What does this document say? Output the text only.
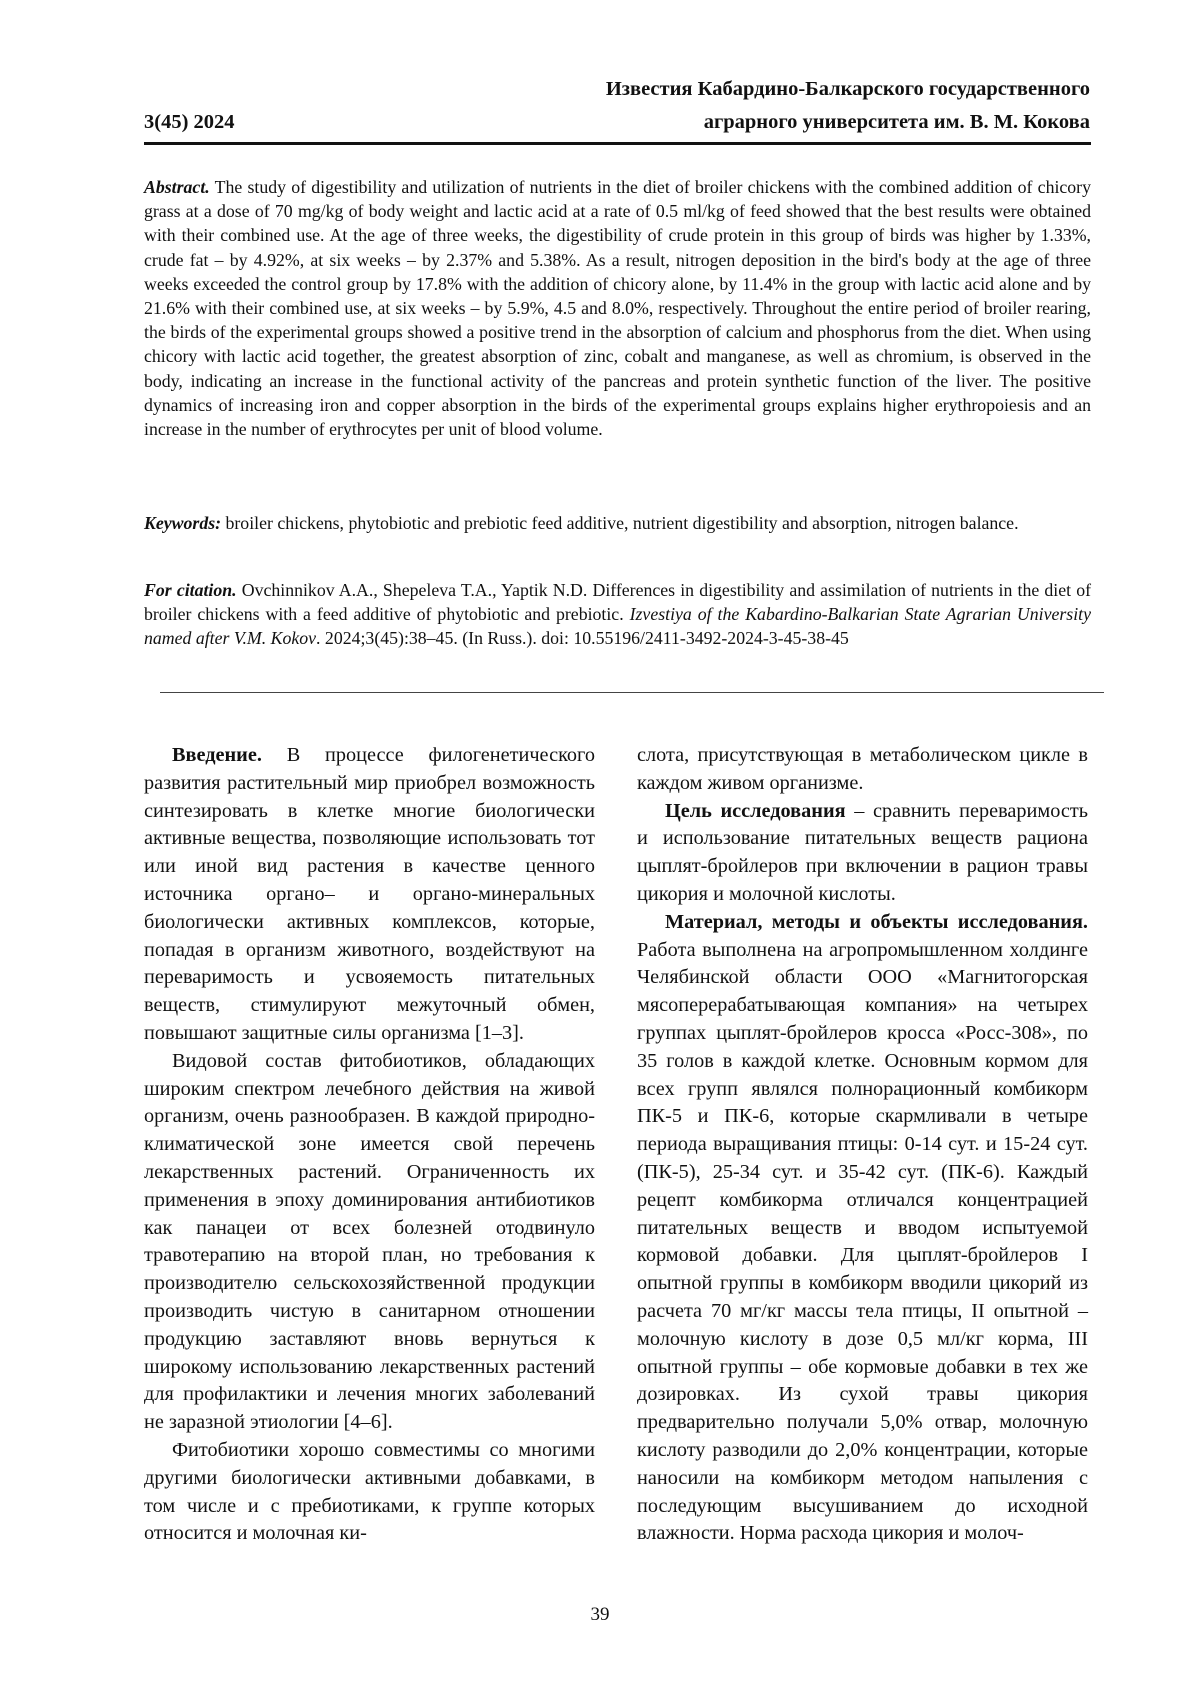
Известия Кабардино-Балкарского государственного
аграрного университета им. В. М. Кокова
3(45) 2024
Abstract. The study of digestibility and utilization of nutrients in the diet of broiler chickens with the combined addition of chicory grass at a dose of 70 mg/kg of body weight and lactic acid at a rate of 0.5 ml/kg of feed showed that the best results were obtained with their combined use. At the age of three weeks, the digestibility of crude protein in this group of birds was higher by 1.33%, crude fat – by 4.92%, at six weeks – by 2.37% and 5.38%. As a result, nitrogen deposition in the bird's body at the age of three weeks exceeded the control group by 17.8% with the addition of chicory alone, by 11.4% in the group with lactic acid alone and by 21.6% with their combined use, at six weeks – by 5.9%, 4.5 and 8.0%, respectively. Throughout the entire period of broiler rearing, the birds of the experimental groups showed a positive trend in the absorption of calcium and phosphorus from the diet. When using chicory with lactic acid together, the greatest absorption of zinc, cobalt and manganese, as well as chromium, is observed in the body, indicating an increase in the functional activity of the pancreas and protein synthetic function of the liver. The positive dynamics of increasing iron and copper absorption in the birds of the experimental groups explains higher erythropoiesis and an increase in the number of erythrocytes per unit of blood volume.
Keywords: broiler chickens, phytobiotic and prebiotic feed additive, nutrient digestibility and absorption, nitrogen balance.
For citation. Ovchinnikov A.A., Shepeleva T.A., Yaptik N.D. Differences in digestibility and assimilation of nutrients in the diet of broiler chickens with a feed additive of phytobiotic and prebiotic. Izvestiya of the Kabardino-Balkarian State Agrarian University named after V.M. Kokov. 2024;3(45):38–45. (In Russ.). doi: 10.55196/2411-3492-2024-3-45-38-45

Введение. В процессе филогенетического развития растительный мир приобрел возможность синтезировать в клетке многие биологически активные вещества, позволяющие использовать тот или иной вид растения в качестве ценного источника органо– и органо-минеральных биологически активных комплексов, которые, попадая в организм животного, воздействуют на переваримость и усвояемость питательных веществ, стимулируют межуточный обмен, повышают защитные силы организма [1–3].

Видовой состав фитобиотиков, обладающих широким спектром лечебного действия на живой организм, очень разнообразен. В каждой природно-климатической зоне имеется свой перечень лекарственных растений. Ограниченность их применения в эпоху доминирования антибиотиков как панацеи от всех болезней отодвинуло травотерапию на второй план, но требования к производителю сельскохозяйственной продукции производить чистую в санитарном отношении продукцию заставляют вновь вернуться к широкому использованию лекарственных растений для профилактики и лечения многих заболеваний не заразной этиологии [4–6].

Фитобиотики хорошо совместимы со многими другими биологически активными добавками, в том числе и с пребиотиками, к группе которых относится и молочная ки-

слота, присутствующая в метаболическом цикле в каждом живом организме.

Цель исследования – сравнить переваримость и использование питательных веществ рациона цыплят-бройлеров при включении в рацион травы цикория и молочной кислоты.

Материал, методы и объекты исследования. Работа выполнена на агропромышленном холдинге Челябинской области ООО «Магнитогорская мясоперерабатывающая компания» на четырех группах цыплят-бройлеров кросса «Росс-308», по 35 голов в каждой клетке. Основным кормом для всех групп являлся полнорационный комбикорм ПК-5 и ПК-6, которые скармливали в четыре периода выращивания птицы: 0-14 сут. и 15-24 сут. (ПК-5), 25-34 сут. и 35-42 сут. (ПК-6). Каждый рецепт комбикорма отличался концентрацией питательных веществ и вводом испытуемой кормовой добавки. Для цыплят-бройлеров I опытной группы в комбикорм вводили цикорий из расчета 70 мг/кг массы тела птицы, II опытной – молочную кислоту в дозе 0,5 мл/кг корма, III опытной группы – обе кормовые добавки в тех же дозировках. Из сухой травы цикория предварительно получали 5,0% отвар, молочную кислоту разводили до 2,0% концентрации, которые наносили на комбикорм методом напыления с последующим высушиванием до исходной влажности. Норма расхода цикория и молоч-

39
